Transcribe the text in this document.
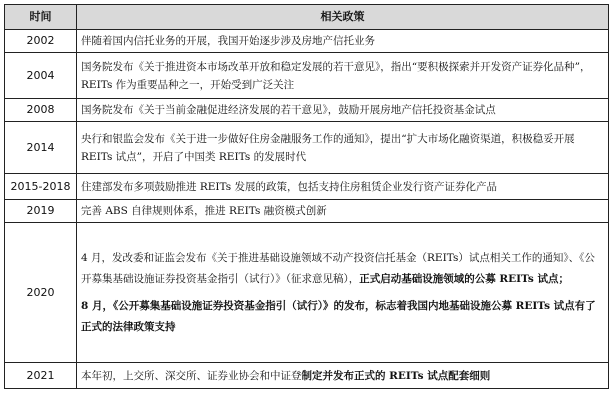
时间	相关政策
2002	伴随着国内信托业务的开展，我国开始逐步涉及房地产信托业务
2004	国务院发布《关于推进资本市场改革开放和稳定发展的若干意见》，指出“要积极探索并开发资产证券化品种”，REITs 作为重要品种之一，开始受到广泛关注
2008	国务院发布《关于当前金融促进经济发展的若干意见》，鼓励开展房地产信托投资基金试点
2014	央行和银监会发布《关于进一步做好住房金融服务工作的通知》，提出“扩大市场化融资渠道，积极稳妥开展 REITs 试点”，开启了中国类 REITs 的发展时代
2015-2018	住建部发布多项鼓励推进 REITs 发展的政策，包括支持住房租赁企业发行资产证券化产品
2019	完善 ABS 自律规则体系，推进 REITs 融资模式创新
2020	4 月，发改委和证监会发布《关于推进基础设施领域不动产投资信托基金（REITs）试点相关工作的通知》、《公开募集基础设施证券投资基金指引（试行）》（征求意见稿），正式启动基础设施领域的公募 REITs 试点；
8 月，《公开募集基础设施证券投资基金指引（试行）》的发布，标志着我国内地基础设施公募 REITs 试点有了正式的法律政策支持

2021	本年初，上交所、深交所、证券业协会和中证登制定并发布正式的 REITs 试点配套细则
